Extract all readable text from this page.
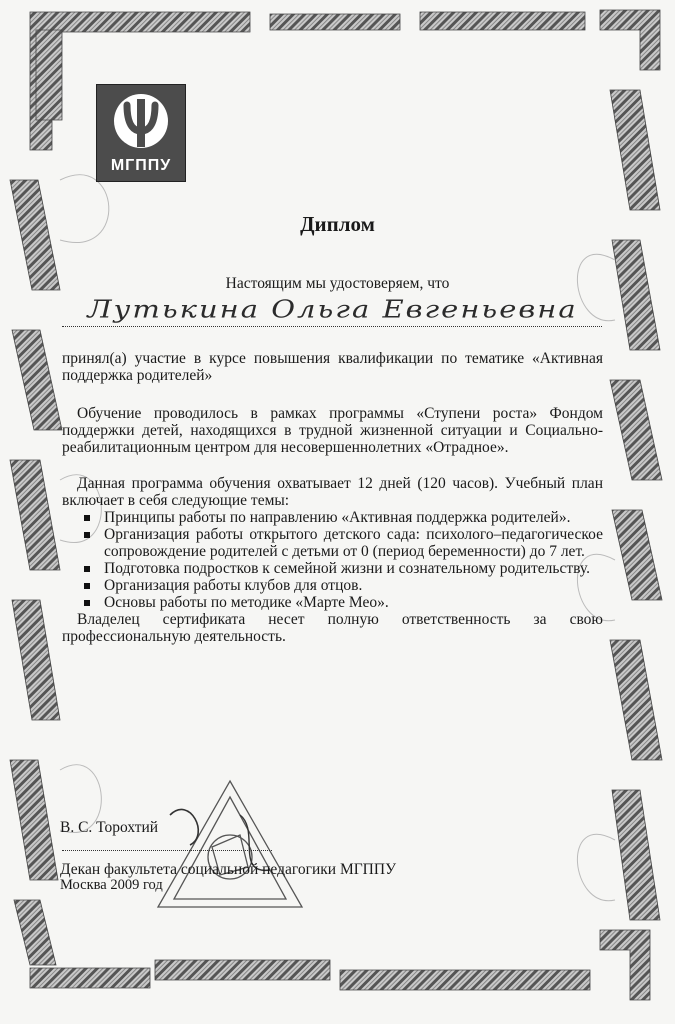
МГППУ
Диплом
Настоящим мы удостоверяем, что
Лутькина Ольга Евгеньевна

принял(а) участие в курсе повышения квалификации по тематике «Активная поддержка родителей»

Обучение проводилось в рамках программы «Ступени роста» Фондом поддержки детей, находящихся в трудной жизненной ситуации и Социально-реабилитационным центром для несовершеннолетних «Отрадное».

Данная программа обучения охватывает 12 дней (120 часов). Учебный план включает в себя следующие темы:

Принципы работы по направлению «Активная поддержка родителей».
Организация работы открытого детского сада: психолого–педагогическое сопровождение родителей с детьми от 0 (период беременности) до 7 лет.
Подготовка подростков к семейной жизни и сознательному родительству.
Организация работы клубов для отцов.
Основы работы по методике «Марте Мео».

Владелец сертификата несет полную ответственность за свою профессиональную деятельность.

В. С. Торохтий
Декан факультета социальной педагогики МГППУ
Москва 2009 год
